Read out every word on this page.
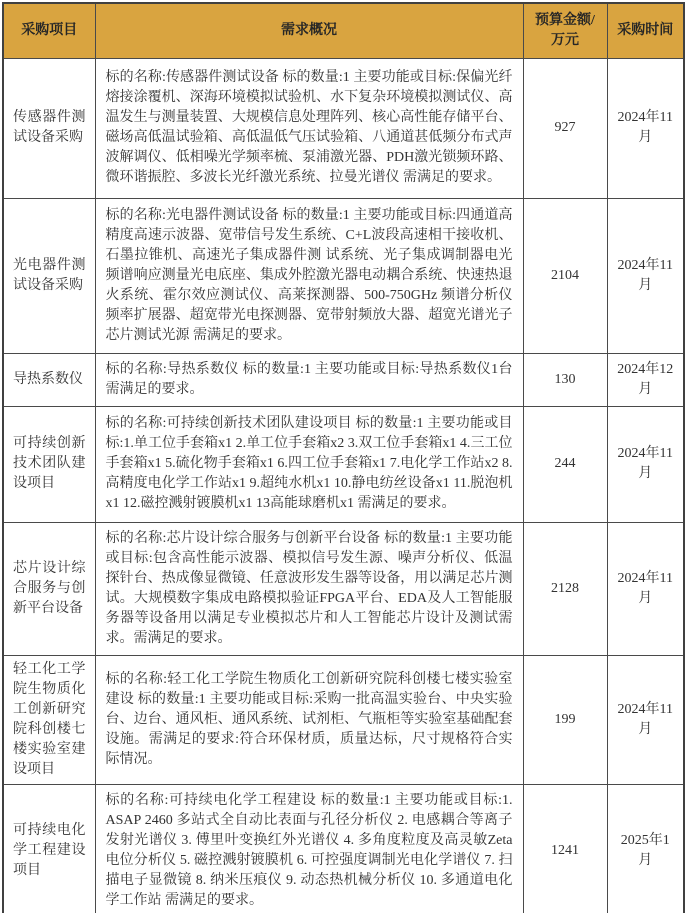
采购项目	需求概况	预算金额/万元	采购时间
传感器件测试设备采购	标的名称:传感器件测试设备 标的数量:1 主要功能或目标:保偏光纤熔接涂覆机、深海环境模拟试验机、水下复杂环境模拟测试仪、高温发生与测量装置、大规模信息处理阵列、核心高性能存储平台、磁场高低温试验箱、高低温低气压试验箱、八通道甚低频分布式声波解调仪、低相噪光学频率梳、泵浦激光器、PDH激光锁频环路、微环谐振腔、多波长光纤激光系统、拉曼光谱仪 需满足的要求。	927	2024年11月
光电器件测试设备采购	标的名称:光电器件测试设备 标的数量:1 主要功能或目标:四通道高精度高速示波器、宽带信号发生系统、C+L波段高速相干接收机、石墨拉锥机、高速光子集成器件测 试系统、光子集成调制器电光频谱响应测量光电底座、集成外腔激光器电动耦合系统、快速热退火系统、霍尔效应测试仪、高莱探测器、500-750GHz 频谱分析仪频率扩展器、超宽带光电探测器、宽带射频放大器、超宽光谱光子芯片测试光源 需满足的要求。	2104	2024年11月
导热系数仪	标的名称:导热系数仪 标的数量:1 主要功能或目标:导热系数仪1台 需满足的要求。	130	2024年12月
可持续创新技术团队建设项目	标的名称:可持续创新技术团队建设项目 标的数量:1 主要功能或目标:1.单工位手套箱x1 2.单工位手套箱x2 3.双工位手套箱x1 4.三工位手套箱x1 5.硫化物手套箱x1 6.四工位手套箱x1 7.电化学工作站x2 8.高精度电化学工作站x1 9.超纯水机x1 10.静电纺丝设备x1 11.脱泡机x1 12.磁控溅射镀膜机x1 13高能球磨机x1 需满足的要求。	244	2024年11月
芯片设计综合服务与创新平台设备	标的名称:芯片设计综合服务与创新平台设备 标的数量:1 主要功能或目标:包含高性能示波器、模拟信号发生源、噪声分析仪、低温探针台、热成像显微镜、任意波形发生器等设备，用以满足芯片测试。大规模数字集成电路模拟验证FPGA平台、EDA及人工智能服务器等设备用以满足专业模拟芯片和人工智能芯片设计及测试需求。需满足的要求。	2128	2024年11月
轻工化工学院生物质化工创新研究院科创楼七楼实验室建设项目	标的名称:轻工化工学院生物质化工创新研究院科创楼七楼实验室建设 标的数量:1 主要功能或目标:采购一批高温实验台、中央实验台、边台、通风柜、通风系统、试剂柜、气瓶柜等实验室基础配套设施。需满足的要求:符合环保材质，质量达标，尺寸规格符合实际情况。	199	2024年11月
可持续电化学工程建设项目	标的名称:可持续电化学工程建设 标的数量:1 主要功能或目标:1. ASAP 2460 多站式全自动比表面与孔径分析仪 2. 电感耦合等离子发射光谱仪 3. 傅里叶变换红外光谱仪 4. 多角度粒度及高灵敏Zeta电位分析仪 5. 磁控溅射镀膜机 6. 可控强度调制光电化学谱仪 7. 扫描电子显微镜 8. 纳米压痕仪 9. 动态热机械分析仪 10. 多通道电化学工作站 需满足的要求。	1241	2025年1月
